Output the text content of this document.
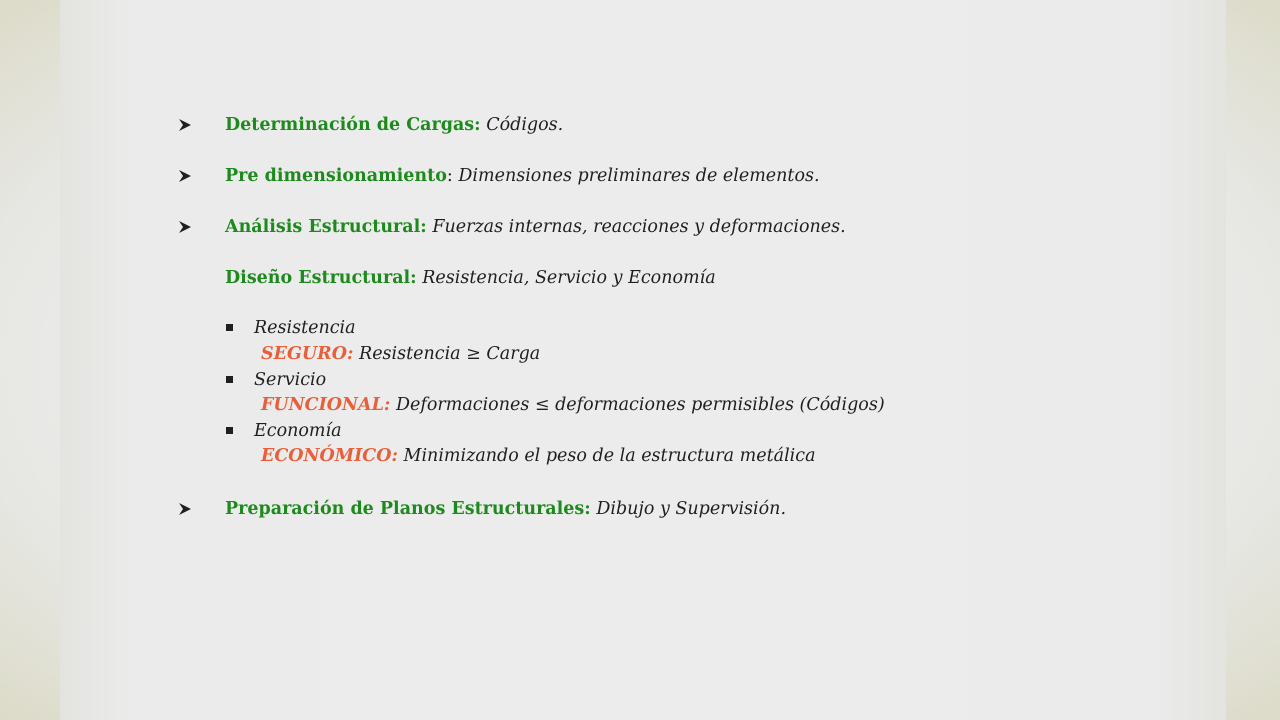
Determinación de Cargas: Códigos.
Pre dimensionamiento: Dimensiones preliminares de elementos.
Análisis Estructural: Fuerzas internas, reacciones y deformaciones.
Diseño Estructural: Resistencia, Servicio y Economía
Resistencia
SEGURO: Resistencia ≥ Carga
Servicio
FUNCIONAL: Deformaciones ≤ deformaciones permisibles (Códigos)
Economía
ECONÓMICO: Minimizando el peso de la estructura metálica
Preparación de Planos Estructurales: Dibujo y Supervisión.
